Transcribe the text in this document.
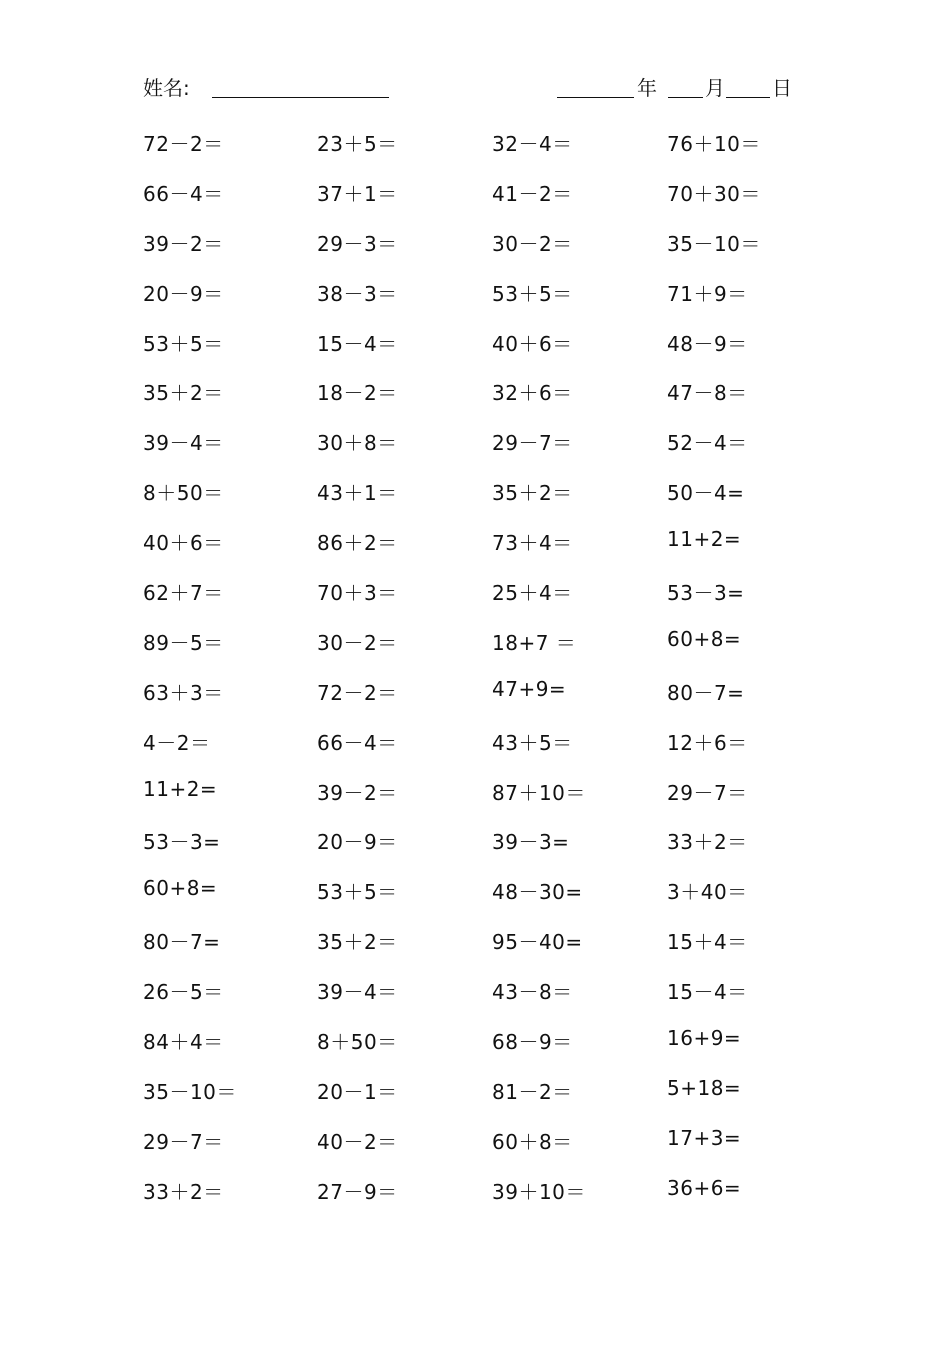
姓名:	年 月 日
72－2＝	23＋5＝	32－4＝	76＋10＝
66－4＝	37＋1＝	41－2＝	70＋30＝
39－2＝	29－3＝	30－2＝	35－10＝
20－9＝	38－3＝	53＋5＝	71＋9＝
53＋5＝	15－4＝	40＋6＝	48－9＝
35＋2＝	18－2＝	32＋6＝	47－8＝
39－4＝	30＋8＝	29－7＝	52－4＝
8＋50＝	43＋1＝	35＋2＝	50－4=
40＋6＝	86＋2＝	73＋4＝	11+2=
62＋7＝	70＋3＝	25＋4＝	53－3=
89－5＝	30－2＝	18+7 ＝	60+8=
63＋3＝	72－2＝	47+9=	80－7=
4－2＝	66－4＝	43＋5＝	12＋6＝
11+2=	39－2＝	87＋10＝	29－7＝
53－3=	20－9＝	39－3=	33＋2＝
60+8=	53＋5＝	48－30=	3＋40＝
80－7=	35＋2＝	95－40=	15＋4＝
26－5＝	39－4＝	43－8＝	15－4＝
84＋4＝	8＋50＝	68－9＝	16+9=
35－10＝	20－1＝	81－2＝	5+18=
29－7＝	40－2＝	60＋8＝	17+3=
33＋2＝	27－9＝	39＋10＝	36+6=
